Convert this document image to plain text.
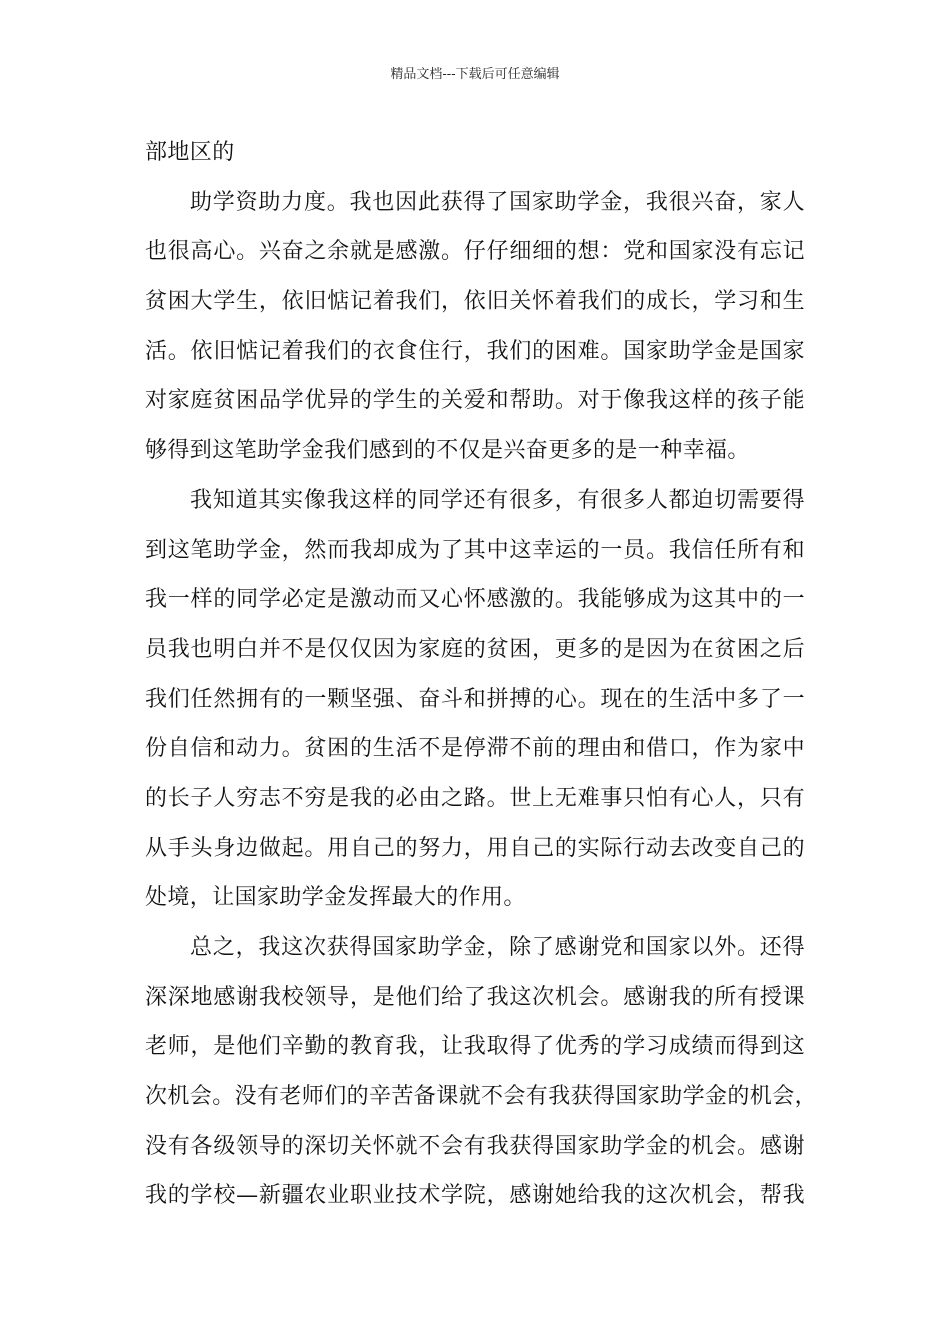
精品文档---下载后可任意编辑
部地区的
助学资助力度。我也因此获得了国家助学金，我很兴奋，家人
也很高心。兴奋之余就是感激。仔仔细细的想：党和国家没有忘记
贫困大学生，依旧惦记着我们，依旧关怀着我们的成长，学习和生
活。依旧惦记着我们的衣食住行，我们的困难。国家助学金是国家
对家庭贫困品学优异的学生的关爱和帮助。对于像我这样的孩子能
够得到这笔助学金我们感到的不仅是兴奋更多的是一种幸福。
我知道其实像我这样的同学还有很多，有很多人都迫切需要得
到这笔助学金，然而我却成为了其中这幸运的一员。我信任所有和
我一样的同学必定是激动而又心怀感激的。我能够成为这其中的一
员我也明白并不是仅仅因为家庭的贫困，更多的是因为在贫困之后
我们任然拥有的一颗坚强、奋斗和拼搏的心。现在的生活中多了一
份自信和动力。贫困的生活不是停滞不前的理由和借口，作为家中
的长子人穷志不穷是我的必由之路。世上无难事只怕有心人，只有
从手头身边做起。用自己的努力，用自己的实际行动去改变自己的
处境，让国家助学金发挥最大的作用。
总之，我这次获得国家助学金，除了感谢党和国家以外。还得
深深地感谢我校领导，是他们给了我这次机会。感谢我的所有授课
老师，是他们辛勤的教育我，让我取得了优秀的学习成绩而得到这
次机会。没有老师们的辛苦备课就不会有我获得国家助学金的机会，
没有各级领导的深切关怀就不会有我获得国家助学金的机会。感谢
我的学校—新疆农业职业技术学院，感谢她给我的这次机会，帮我
